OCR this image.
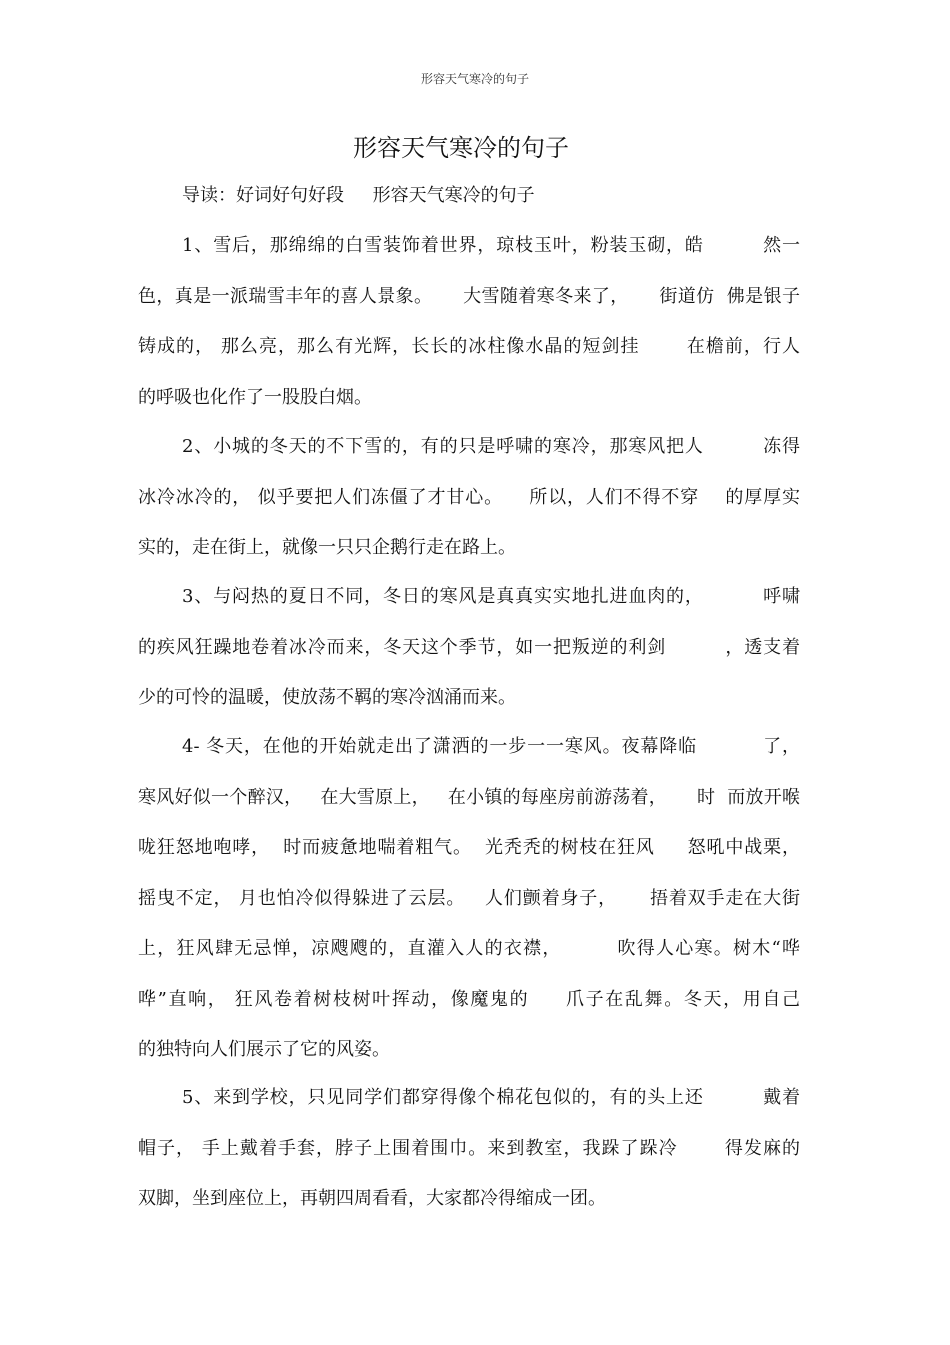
形容天气寒冷的句子
形容天气寒冷的句子
导读：好词好句好段     形容天气寒冷的句子
1、雪后，那绵绵的白雪装饰着世界，琼枝玉叶，粉装玉砌，皓         然一
色，真是一派瑞雪丰年的喜人景象。     大雪随着寒冬来了，     街道仿  佛是银子
铸成的， 那么亮，那么有光辉，长长的冰柱像水晶的短剑挂       在檐前，行人
的呼吸也化作了一股股白烟。
2、小城的冬天的不下雪的，有的只是呼啸的寒冷，那寒风把人         冻得
冰冷冰冷的， 似乎要把人们冻僵了才甘心。    所以，人们不得不穿    的厚厚实
实的，走在街上，就像一只只企鹅行走在路上。
3、与闷热的夏日不同，冬日的寒风是真真实实地扎进血肉的，         呼啸
的疾风狂躁地卷着冰冷而来，冬天这个季节，如一把叛逆的利剑         ，透支着
少的可怜的温暖，使放荡不羁的寒冷汹涌而来。
4- 冬天，在他的开始就走出了潇洒的一步一一寒风。夜幕降临          了，
寒风好似一个醉汉，   在大雪原上，   在小镇的每座房前游荡着，     时  而放开喉
咙狂怒地咆哮，  时而疲惫地喘着粗气。  光秃秃的树枝在狂风     怒吼中战栗，
摇曳不定， 月也怕冷似得躲进了云层。   人们颤着身子，     捂着双手走在大街
上，狂风肆无忌惮，凉飕飕的，直灌入人的衣襟，        吹得人心寒。树木“哗
哗”直响， 狂风卷着树枝树叶挥动，像魔鬼的     爪子在乱舞。冬天，用自己
的独特向人们展示了它的风姿。
5、来到学校，只见同学们都穿得像个棉花包似的，有的头上还         戴着
帽子， 手上戴着手套，脖子上围着围巾。来到教室，我跺了跺冷       得发麻的
双脚，坐到座位上，再朝四周看看，大家都冷得缩成一团。
